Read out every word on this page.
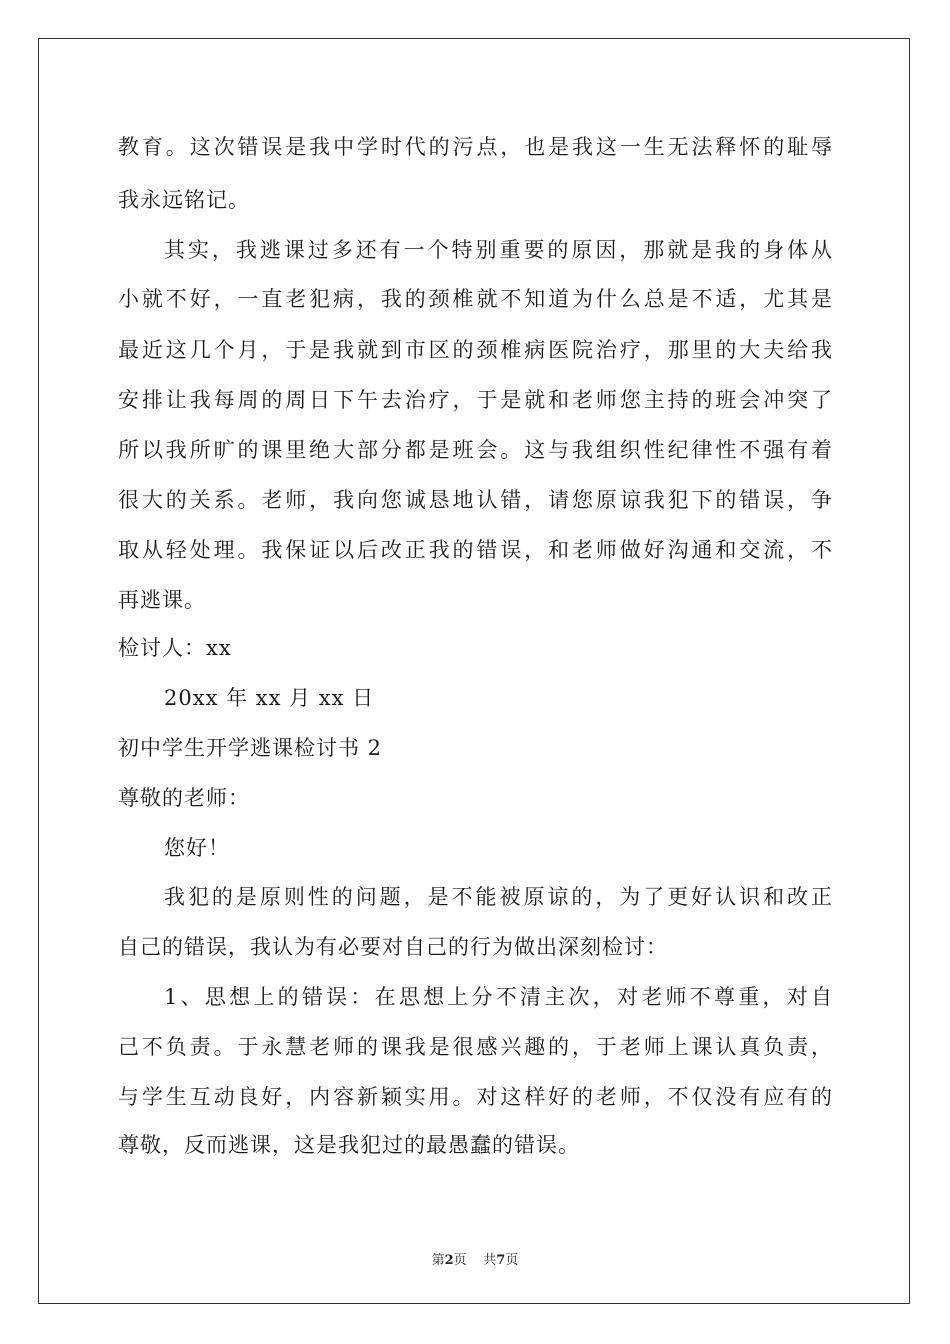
教育。这次错误是我中学时代的污点，也是我这一生无法释怀的耻辱
我永远铭记。
其实，我逃课过多还有一个特别重要的原因，那就是我的身体从
小就不好，一直老犯病，我的颈椎就不知道为什么总是不适，尤其是
最近这几个月，于是我就到市区的颈椎病医院治疗，那里的大夫给我
安排让我每周的周日下午去治疗，于是就和老师您主持的班会冲突了
所以我所旷的课里绝大部分都是班会。这与我组织性纪律性不强有着
很大的关系。老师，我向您诚恳地认错，请您原谅我犯下的错误，争
取从轻处理。我保证以后改正我的错误，和老师做好沟通和交流，不
再逃课。
检讨人：xx
20xx 年 xx 月 xx 日
初中学生开学逃课检讨书 2
尊敬的老师：
您好！
我犯的是原则性的问题，是不能被原谅的，为了更好认识和改正
自己的错误，我认为有必要对自己的行为做出深刻检讨：
1、思想上的错误：在思想上分不清主次，对老师不尊重，对自
己不负责。于永慧老师的课我是很感兴趣的，于老师上课认真负责，
与学生互动良好，内容新颖实用。对这样好的老师，不仅没有应有的
尊敬，反而逃课，这是我犯过的最愚蠢的错误。
第2页 共7页
